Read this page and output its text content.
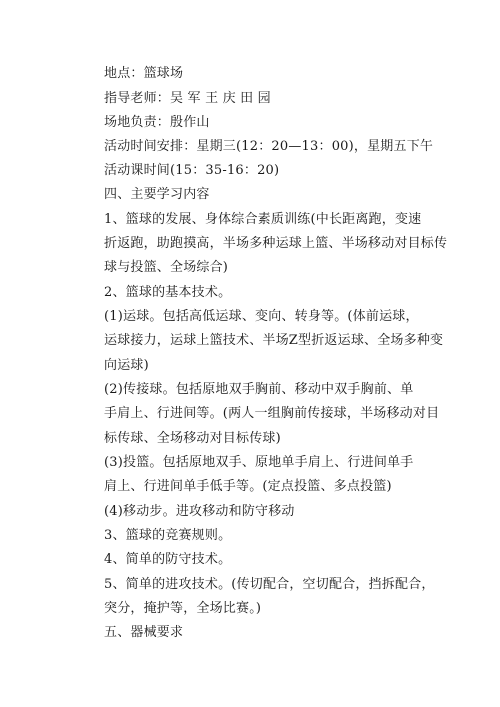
地点：篮球场
指导老师：吴 军 王 庆 田 园
场地负责：殷作山
活动时间安排：星期三(12：20—13：00)，星期五下午
活动课时间(15：35-16：20)
四、主要学习内容
1、篮球的发展、身体综合素质训练(中长距离跑，变速
折返跑，助跑摸高，半场多种运球上篮、半场移动对目标传
球与投篮、全场综合)
2、篮球的基本技术。
(1)运球。包括高低运球、变向、转身等。(体前运球，
运球接力，运球上篮技术、半场Z型折返运球、全场多种变
向运球)
(2)传接球。包括原地双手胸前、移动中双手胸前、单
手肩上、行进间等。(两人一组胸前传接球，半场移动对目
标传球、全场移动对目标传球)
(3)投篮。包括原地双手、原地单手肩上、行进间单手
肩上、行进间单手低手等。(定点投篮、多点投篮)
(4)移动步。进攻移动和防守移动
3、篮球的竞赛规则。
4、简单的防守技术。
5、简单的进攻技术。(传切配合，空切配合，挡拆配合，
突分，掩护等，全场比赛。)
五、器械要求
